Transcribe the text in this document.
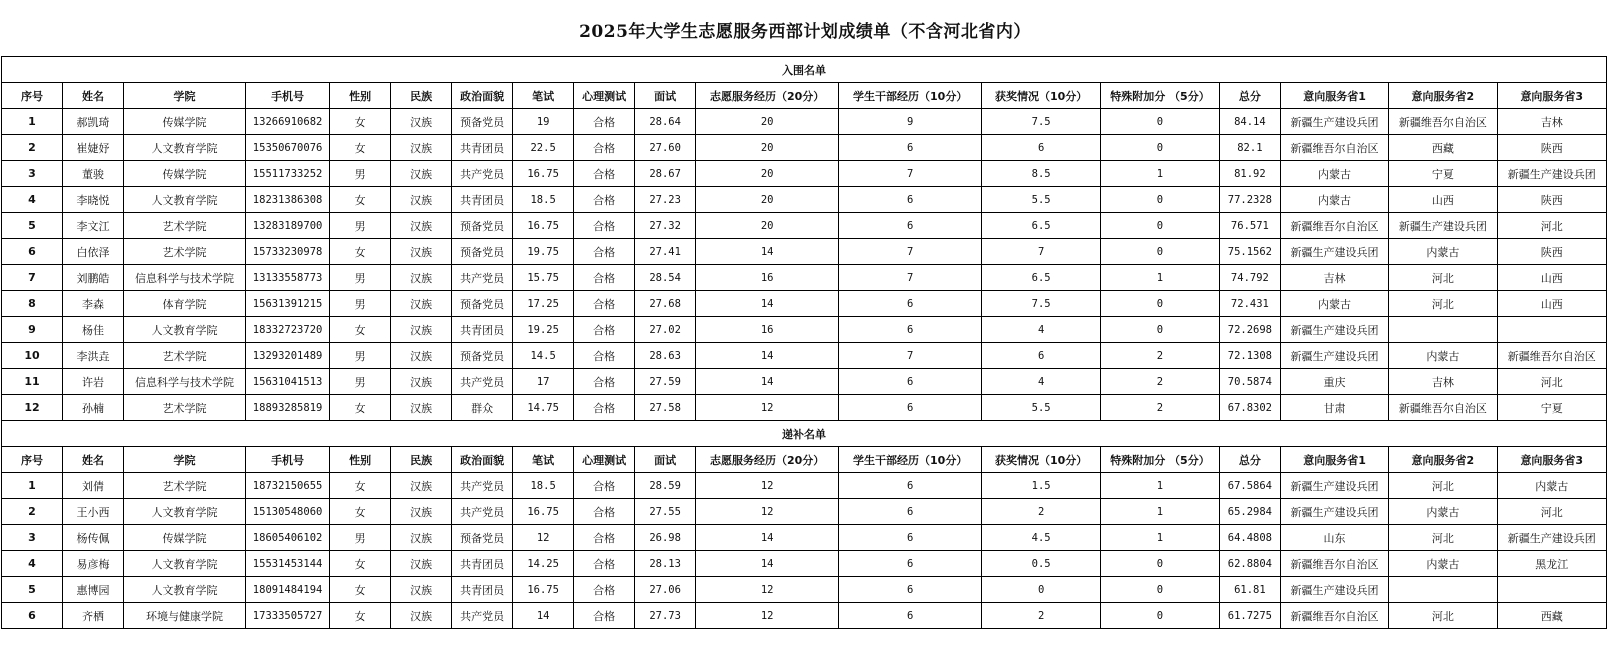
2025年大学生志愿服务西部计划成绩单（不含河北省内）
入围名单																	
序号	姓名	学院	手机号	性别	民族	政治面貌	笔试	心理测试	面试	志愿服务经历（20分）	学生干部经历（10分）	获奖情况（10分）	特殊附加分 （5分）	总分	意向服务省1	意向服务省2	意向服务省3
1	郝凯琦	传媒学院	13266910682	女	汉族	预备党员	19	合格	28.64	20	9	7.5	0	84.14	新疆生产建设兵团	新疆维吾尔自治区	吉林
2	崔婕妤	人文教育学院	15350670076	女	汉族	共青团员	22.5	合格	27.60	20	6	6	0	82.1	新疆维吾尔自治区	西藏	陕西
3	董骏	传媒学院	15511733252	男	汉族	共产党员	16.75	合格	28.67	20	7	8.5	1	81.92	内蒙古	宁夏	新疆生产建设兵团
4	李晓悦	人文教育学院	18231386308	女	汉族	共青团员	18.5	合格	27.23	20	6	5.5	0	77.2328	内蒙古	山西	陕西
5	李文江	艺术学院	13283189700	男	汉族	预备党员	16.75	合格	27.32	20	6	6.5	0	76.571	新疆维吾尔自治区	新疆生产建设兵团	河北
6	白依泽	艺术学院	15733230978	女	汉族	预备党员	19.75	合格	27.41	14	7	7	0	75.1562	新疆生产建设兵团	内蒙古	陕西
7	刘鹏皓	信息科学与技术学院	13133558773	男	汉族	共产党员	15.75	合格	28.54	16	7	6.5	1	74.792	吉林	河北	山西
8	李森	体育学院	15631391215	男	汉族	预备党员	17.25	合格	27.68	14	6	7.5	0	72.431	内蒙古	河北	山西
9	杨佳	人文教育学院	18332723720	女	汉族	共青团员	19.25	合格	27.02	16	6	4	0	72.2698	新疆生产建设兵团		
10	李洪垚	艺术学院	13293201489	男	汉族	预备党员	14.5	合格	28.63	14	7	6	2	72.1308	新疆生产建设兵团	内蒙古	新疆维吾尔自治区
11	许岩	信息科学与技术学院	15631041513	男	汉族	共产党员	17	合格	27.59	14	6	4	2	70.5874	重庆	吉林	河北
12	孙楠	艺术学院	18893285819	女	汉族	群众	14.75	合格	27.58	12	6	5.5	2	67.8302	甘肃	新疆维吾尔自治区	宁夏
递补名单																	
序号	姓名	学院	手机号	性别	民族	政治面貌	笔试	心理测试	面试	志愿服务经历（20分）	学生干部经历（10分）	获奖情况（10分）	特殊附加分 （5分）	总分	意向服务省1	意向服务省2	意向服务省3
1	刘倩	艺术学院	18732150655	女	汉族	共产党员	18.5	合格	28.59	12	6	1.5	1	67.5864	新疆生产建设兵团	河北	内蒙古
2	王小西	人文教育学院	15130548060	女	汉族	共产党员	16.75	合格	27.55	12	6	2	1	65.2984	新疆生产建设兵团	内蒙古	河北
3	杨传佩	传媒学院	18605406102	男	汉族	预备党员	12	合格	26.98	14	6	4.5	1	64.4808	山东	河北	新疆生产建设兵团
4	易彦梅	人文教育学院	15531453144	女	汉族	共青团员	14.25	合格	28.13	14	6	0.5	0	62.8804	新疆维吾尔自治区	内蒙古	黑龙江
5	惠博园	人文教育学院	18091484194	女	汉族	共青团员	16.75	合格	27.06	12	6	0	0	61.81	新疆生产建设兵团		
6	齐栖	环境与健康学院	17333505727	女	汉族	共产党员	14	合格	27.73	12	6	2	0	61.7275	新疆维吾尔自治区	河北	西藏
